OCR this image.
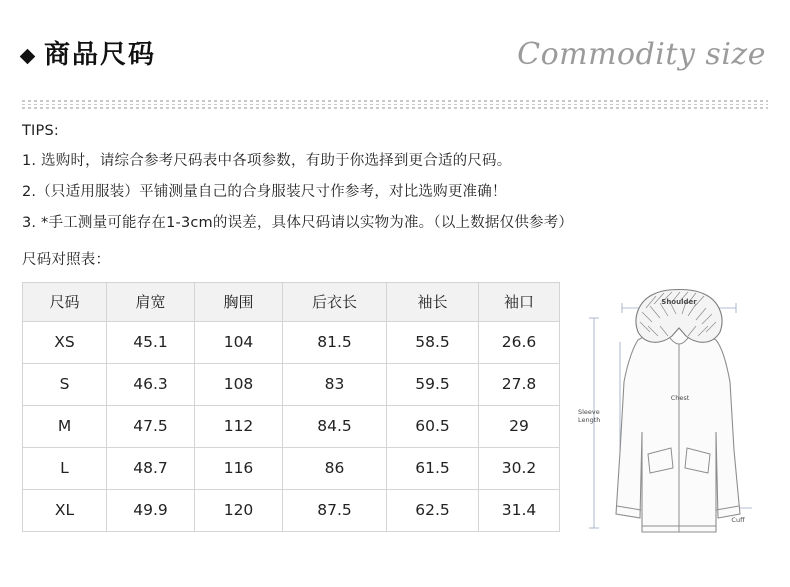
商品尺码	Commodity size
TIPS:
1. 选购时，请综合参考尺码表中各项参数，有助于你选择到更合适的尺码。
2.（只适用服装）平铺测量自己的合身服装尺寸作参考，对比选购更准确！
3. *手工测量可能存在1-3cm的误差，具体尺码请以实物为准。（以上数据仅供参考）
尺码对照表：
尺码	肩宽	胸围	后衣长	袖长	袖口
XS	45.1	104	81.5	58.5	26.6
S	46.3	108	83	59.5	27.8
M	47.5	112	84.5	60.5	29
L	48.7	116	86	61.5	30.2
XL	49.9	120	87.5	62.5	31.4
Shoulder
Chest
Sleeve
Length
Cuff
